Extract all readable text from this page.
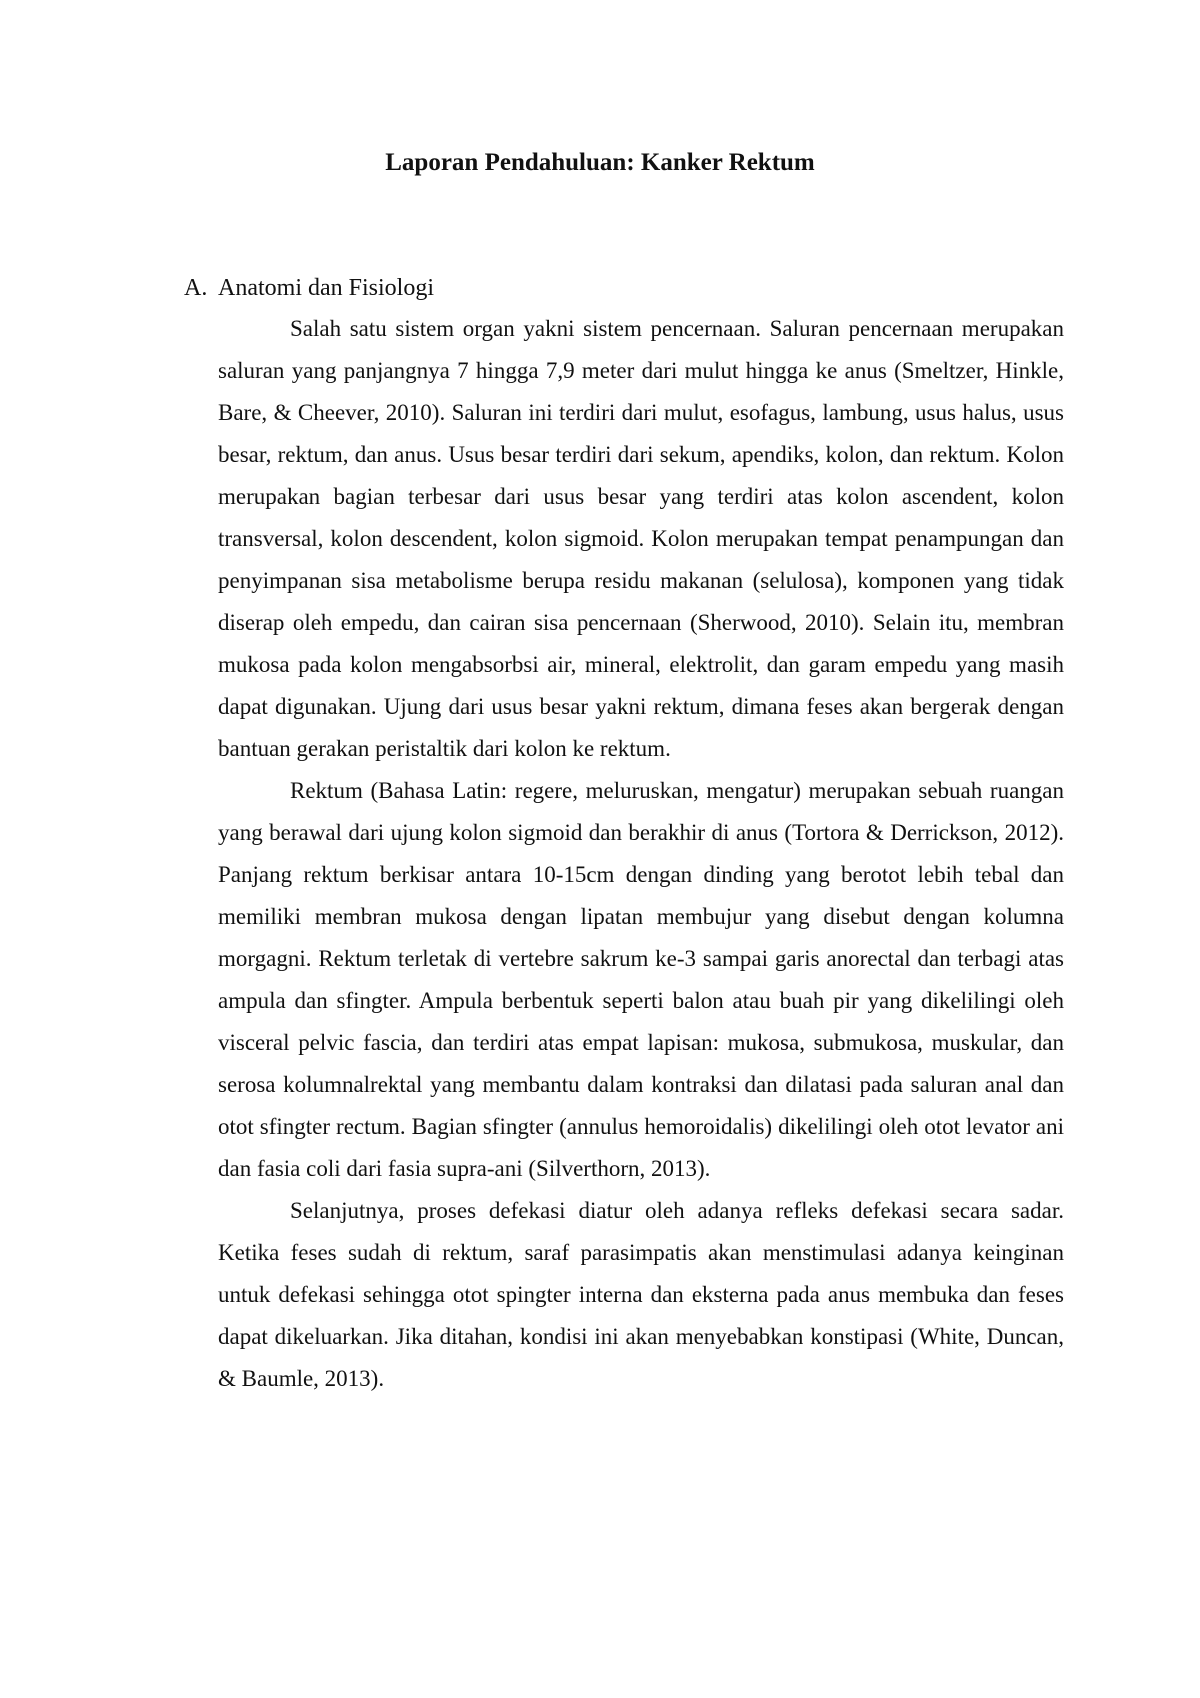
Laporan Pendahuluan: Kanker Rektum
A. Anatomi dan Fisiologi

Salah satu sistem organ yakni sistem pencernaan. Saluran pencernaan merupakan saluran yang panjangnya 7 hingga 7,9 meter dari mulut hingga ke anus (Smeltzer, Hinkle, Bare, & Cheever, 2010). Saluran ini terdiri dari mulut, esofagus, lambung, usus halus, usus besar, rektum, dan anus. Usus besar terdiri dari sekum, apendiks, kolon, dan rektum. Kolon merupakan bagian terbesar dari usus besar yang terdiri atas kolon ascendent, kolon transversal, kolon descendent, kolon sigmoid. Kolon merupakan tempat penampungan dan penyimpanan sisa metabolisme berupa residu makanan (selulosa), komponen yang tidak diserap oleh empedu, dan cairan sisa pencernaan (Sherwood, 2010). Selain itu, membran mukosa pada kolon mengabsorbsi air, mineral, elektrolit, dan garam empedu yang masih dapat digunakan. Ujung dari usus besar yakni rektum, dimana feses akan bergerak dengan bantuan gerakan peristaltik dari kolon ke rektum.

Rektum (Bahasa Latin: regere, meluruskan, mengatur) merupakan sebuah ruangan yang berawal dari ujung kolon sigmoid dan berakhir di anus (Tortora & Derrickson, 2012). Panjang rektum berkisar antara 10-15cm dengan dinding yang berotot lebih tebal dan memiliki membran mukosa dengan lipatan membujur yang disebut dengan kolumna morgagni. Rektum terletak di vertebre sakrum ke-3 sampai garis anorectal dan terbagi atas ampula dan sfingter. Ampula berbentuk seperti balon atau buah pir yang dikelilingi oleh visceral pelvic fascia, dan terdiri atas empat lapisan: mukosa, submukosa, muskular, dan serosa kolumnalrektal yang membantu dalam kontraksi dan dilatasi pada saluran anal dan otot sfingter rectum. Bagian sfingter (annulus hemoroidalis) dikelilingi oleh otot levator ani dan fasia coli dari fasia supra-ani (Silverthorn, 2013).

Selanjutnya, proses defekasi diatur oleh adanya refleks defekasi secara sadar. Ketika feses sudah di rektum, saraf parasimpatis akan menstimulasi adanya keinginan untuk defekasi sehingga otot spingter interna dan eksterna pada anus membuka dan feses dapat dikeluarkan. Jika ditahan, kondisi ini akan menyebabkan konstipasi (White, Duncan, & Baumle, 2013).
